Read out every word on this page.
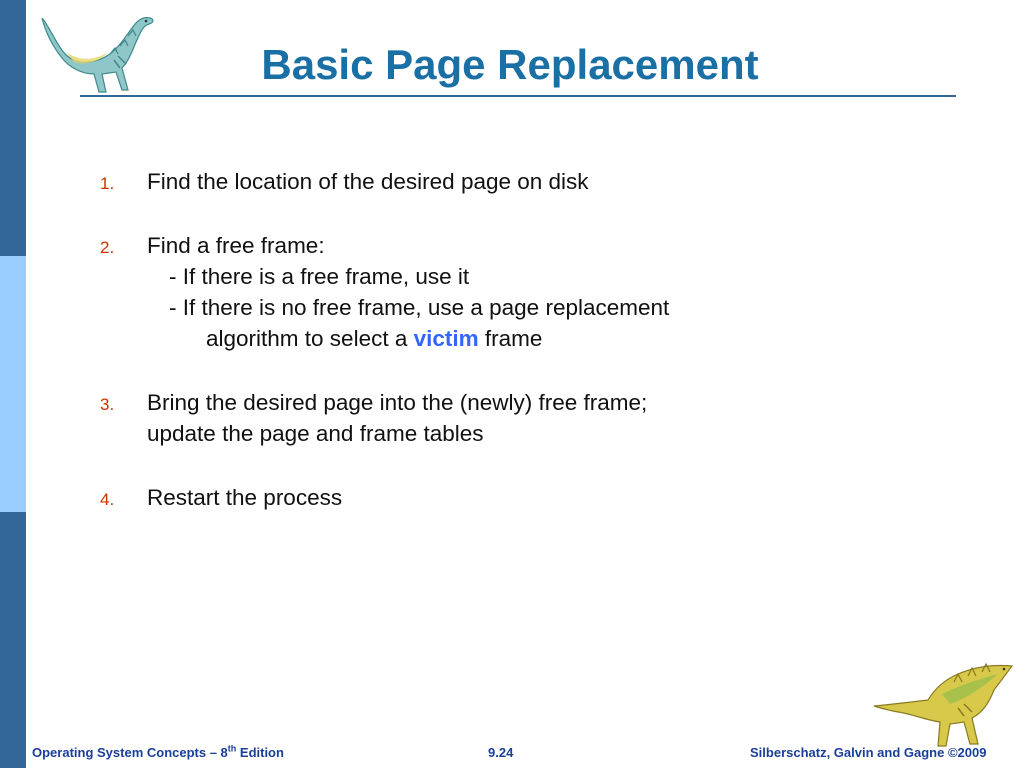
Basic Page Replacement
1. Find the location of the desired page on disk
2. Find a free frame:
- If there is a free frame, use it
- If there is no free frame, use a page replacement
algorithm to select a victim frame
3. Bring the desired page into the (newly) free frame;
update the page and frame tables
4. Restart the process
Operating System Concepts – 8th Edition	9.24	Silberschatz, Galvin and Gagne ©2009
